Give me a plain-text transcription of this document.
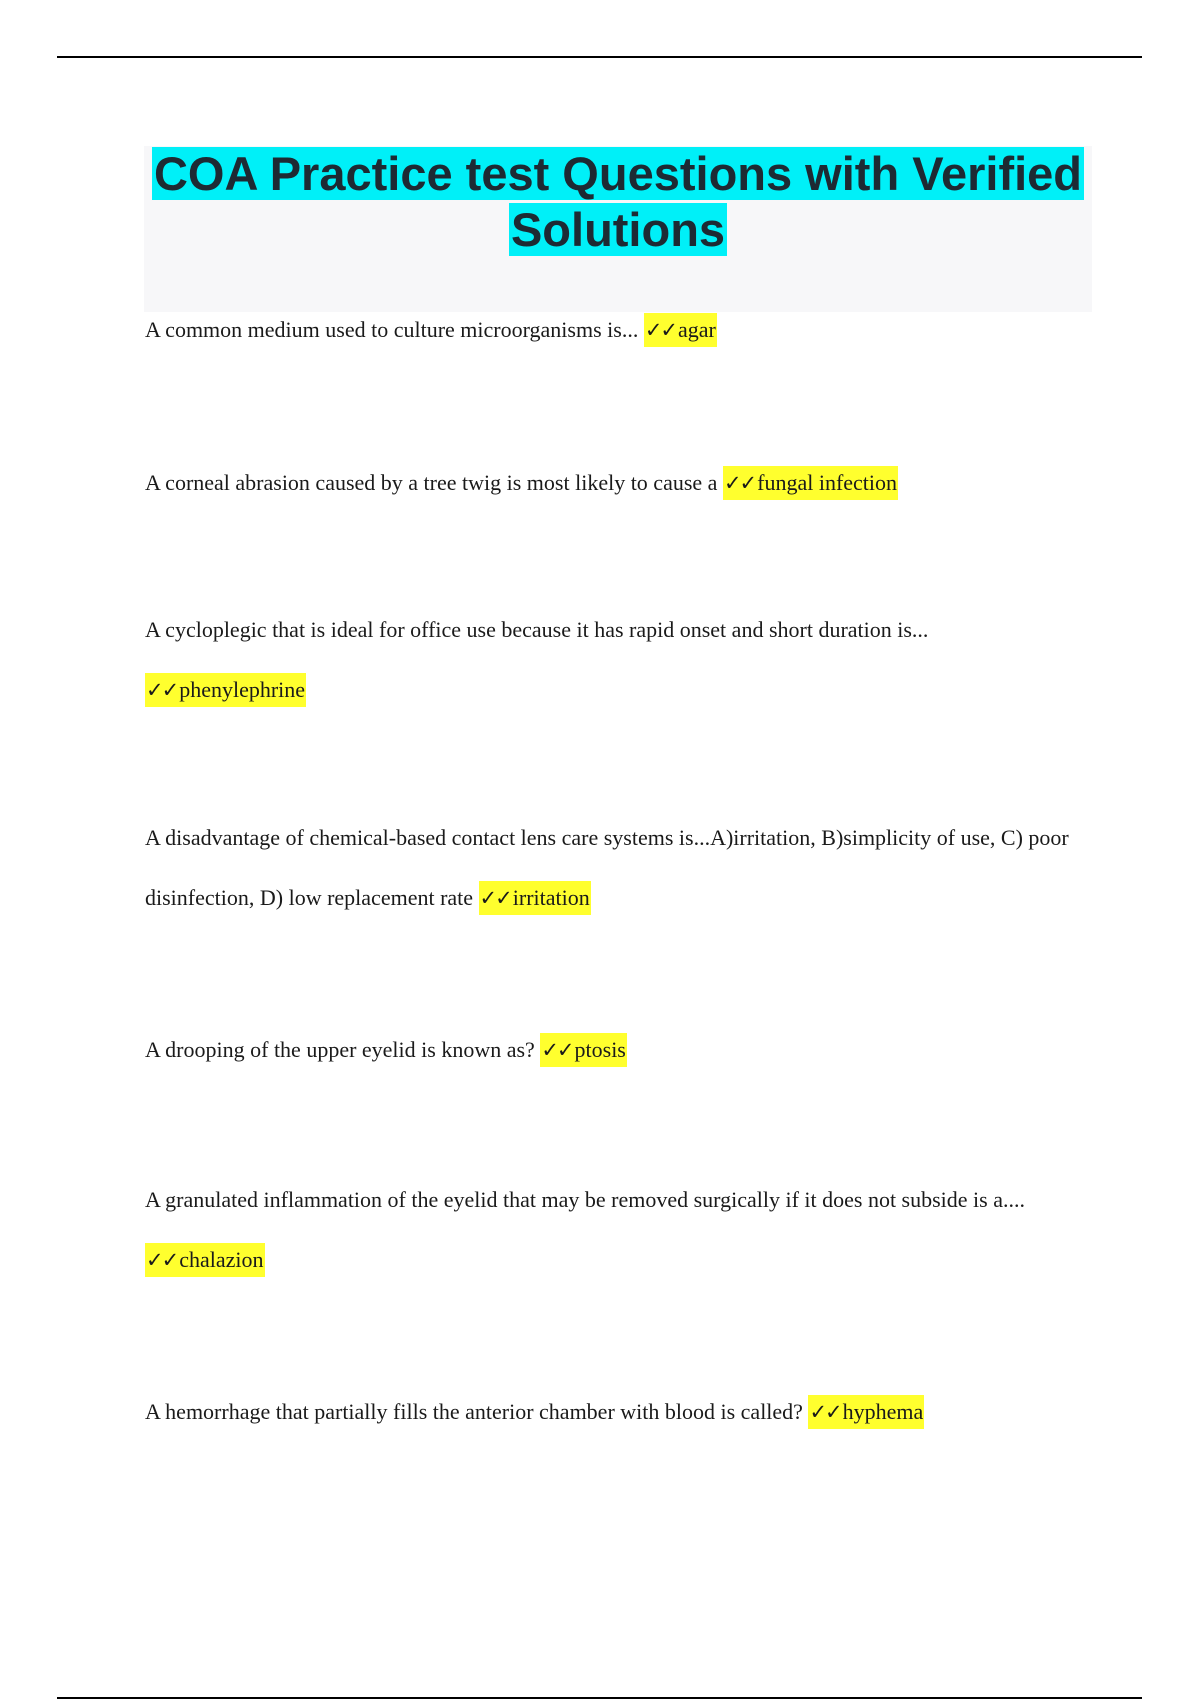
COA Practice test Questions with Verified Solutions

A common medium used to culture microorganisms is... ✓✓agar

A corneal abrasion caused by a tree twig is most likely to cause a ✓✓fungal infection

A cycloplegic that is ideal for office use because it has rapid onset and short duration is... ✓✓phenylephrine

A disadvantage of chemical-based contact lens care systems is...A)irritation, B)simplicity of use, C) poor disinfection, D) low replacement rate ✓✓irritation

A drooping of the upper eyelid is known as? ✓✓ptosis

A granulated inflammation of the eyelid that may be removed surgically if it does not subside is a.... ✓✓chalazion

A hemorrhage that partially fills the anterior chamber with blood is called? ✓✓hyphema
